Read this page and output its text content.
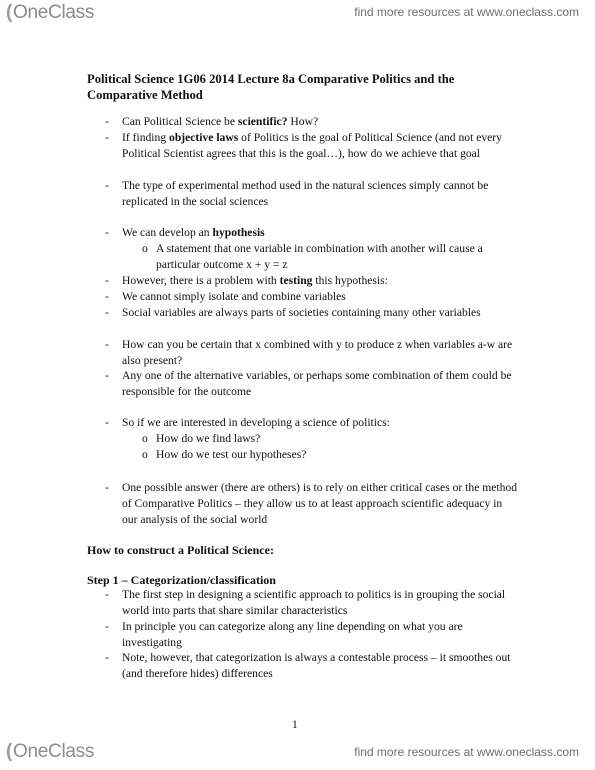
(OneClass	find more resources at www.oneclass.com
Political Science 1G06 2014 Lecture 8a Comparative Politics and the Comparative Method
- Can Political Science be scientific? How?
- If finding objective laws of Politics is the goal of Political Science (and not every Political Scientist agrees that this is the goal…), how do we achieve that goal
- The type of experimental method used in the natural sciences simply cannot be replicated in the social sciences
- We can develop an hypothesis
o A statement that one variable in combination with another will cause a particular outcome x + y = z
- However, there is a problem with testing this hypothesis:
- We cannot simply isolate and combine variables
- Social variables are always parts of societies containing many other variables
- How can you be certain that x combined with y to produce z when variables a-w are also present?
- Any one of the alternative variables, or perhaps some combination of them could be responsible for the outcome
- So if we are interested in developing a science of politics:
o How do we find laws?
o How do we test our hypotheses?
- One possible answer (there are others) is to rely on either critical cases or the method of Comparative Politics – they allow us to at least approach scientific adequacy in our analysis of the social world
How to construct a Political Science:
Step 1 – Categorization/classification
- The first step in designing a scientific approach to politics is in grouping the social world into parts that share similar characteristics
- In principle you can categorize along any line depending on what you are investigating
- Note, however, that categorization is always a contestable process – it smoothes out (and therefore hides) differences
1
(OneClass	find more resources at www.oneclass.com
